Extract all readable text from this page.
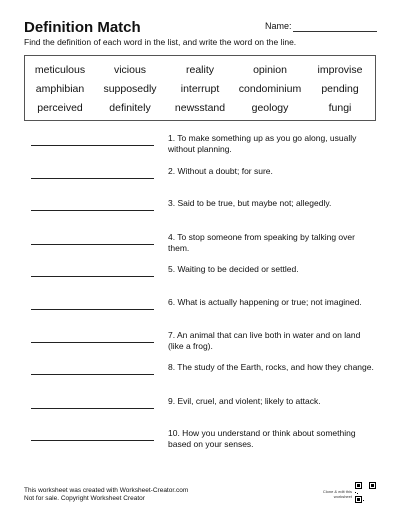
Definition Match	Name:
Find the definition of each word in the list, and write the word on the line.
meticulous	vicious	reality	opinion	improvise
amphibian	supposedly	interrupt	condominium	pending
perceived	definitely	newsstand	geology	fungi
1. To make something up as you go along, usually without planning.
2. Without a doubt; for sure.
3. Said to be true, but maybe not; allegedly.
4. To stop someone from speaking by talking over them.
5. Waiting to be decided or settled.
6. What is actually happening or true; not imagined.
7. An animal that can live both in water and on land (like a frog).
8. The study of the Earth, rocks, and how they change.
9. Evil, cruel, and violent; likely to attack.
10. How you understand or think about something based on your senses.
This worksheet was created with Worksheet-Creator.com
Not for sale. Copyright Worksheet Creator
Clone & edit this worksheet
